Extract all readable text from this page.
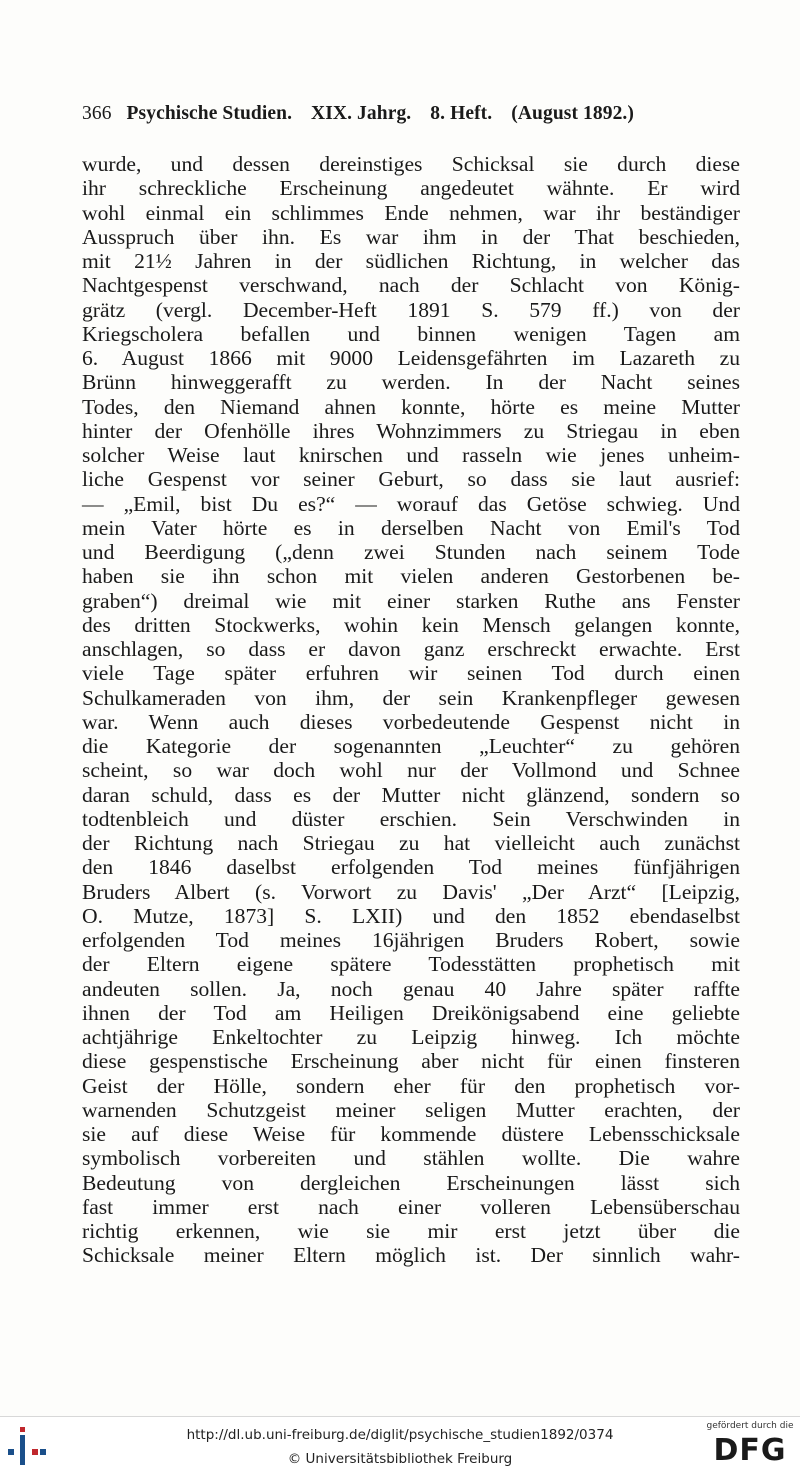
366 Psychische Studien. XIX. Jahrg. 8. Heft. (August 1892.)
wurde, und dessen dereinstiges Schicksal sie durch diese
ihr schreckliche Erscheinung angedeutet wähnte. Er wird
wohl einmal ein schlimmes Ende nehmen, war ihr beständiger
Ausspruch über ihn. Es war ihm in der That beschieden,
mit 21½ Jahren in der südlichen Richtung, in welcher das
Nachtgespenst verschwand, nach der Schlacht von König-
grätz (vergl. December-Heft 1891 S. 579 ff.) von der
Kriegscholera befallen und binnen wenigen Tagen am
6. August 1866 mit 9000 Leidensgefährten im Lazareth zu
Brünn hinweggerafft zu werden. In der Nacht seines
Todes, den Niemand ahnen konnte, hörte es meine Mutter
hinter der Ofenhölle ihres Wohnzimmers zu Striegau in eben
solcher Weise laut knirschen und rasseln wie jenes unheim-
liche Gespenst vor seiner Geburt, so dass sie laut ausrief:
— „Emil, bist Du es?“ — worauf das Getöse schwieg. Und
mein Vater hörte es in derselben Nacht von Emil's Tod
und Beerdigung („denn zwei Stunden nach seinem Tode
haben sie ihn schon mit vielen anderen Gestorbenen be-
graben“) dreimal wie mit einer starken Ruthe ans Fenster
des dritten Stockwerks, wohin kein Mensch gelangen konnte,
anschlagen, so dass er davon ganz erschreckt erwachte. Erst
viele Tage später erfuhren wir seinen Tod durch einen
Schulkameraden von ihm, der sein Krankenpfleger gewesen
war. Wenn auch dieses vorbedeutende Gespenst nicht in
die Kategorie der sogenannten „Leuchter“ zu gehören
scheint, so war doch wohl nur der Vollmond und Schnee
daran schuld, dass es der Mutter nicht glänzend, sondern so
todtenbleich und düster erschien. Sein Verschwinden in
der Richtung nach Striegau zu hat vielleicht auch zunächst
den 1846 daselbst erfolgenden Tod meines fünfjährigen
Bruders Albert (s. Vorwort zu Davis' „Der Arzt“ [Leipzig,
O. Mutze, 1873] S. LXII) und den 1852 ebendaselbst
erfolgenden Tod meines 16jährigen Bruders Robert, sowie
der Eltern eigene spätere Todesstätten prophetisch mit
andeuten sollen. Ja, noch genau 40 Jahre später raffte
ihnen der Tod am Heiligen Dreikönigsabend eine geliebte
achtjährige Enkeltochter zu Leipzig hinweg. Ich möchte
diese gespenstische Erscheinung aber nicht für einen finsteren
Geist der Hölle, sondern eher für den prophetisch vor-
warnenden Schutzgeist meiner seligen Mutter erachten, der
sie auf diese Weise für kommende düstere Lebensschicksale
symbolisch vorbereiten und stählen wollte. Die wahre
Bedeutung von dergleichen Erscheinungen lässt sich
fast immer erst nach einer volleren Lebensüberschau
richtig erkennen, wie sie mir erst jetzt über die
Schicksale meiner Eltern möglich ist. Der sinnlich wahr-
http://dl.ub.uni-freiburg.de/diglit/psychische_studien1892/0374
© Universitätsbibliothek Freiburg
gefördert durch die
DFG
